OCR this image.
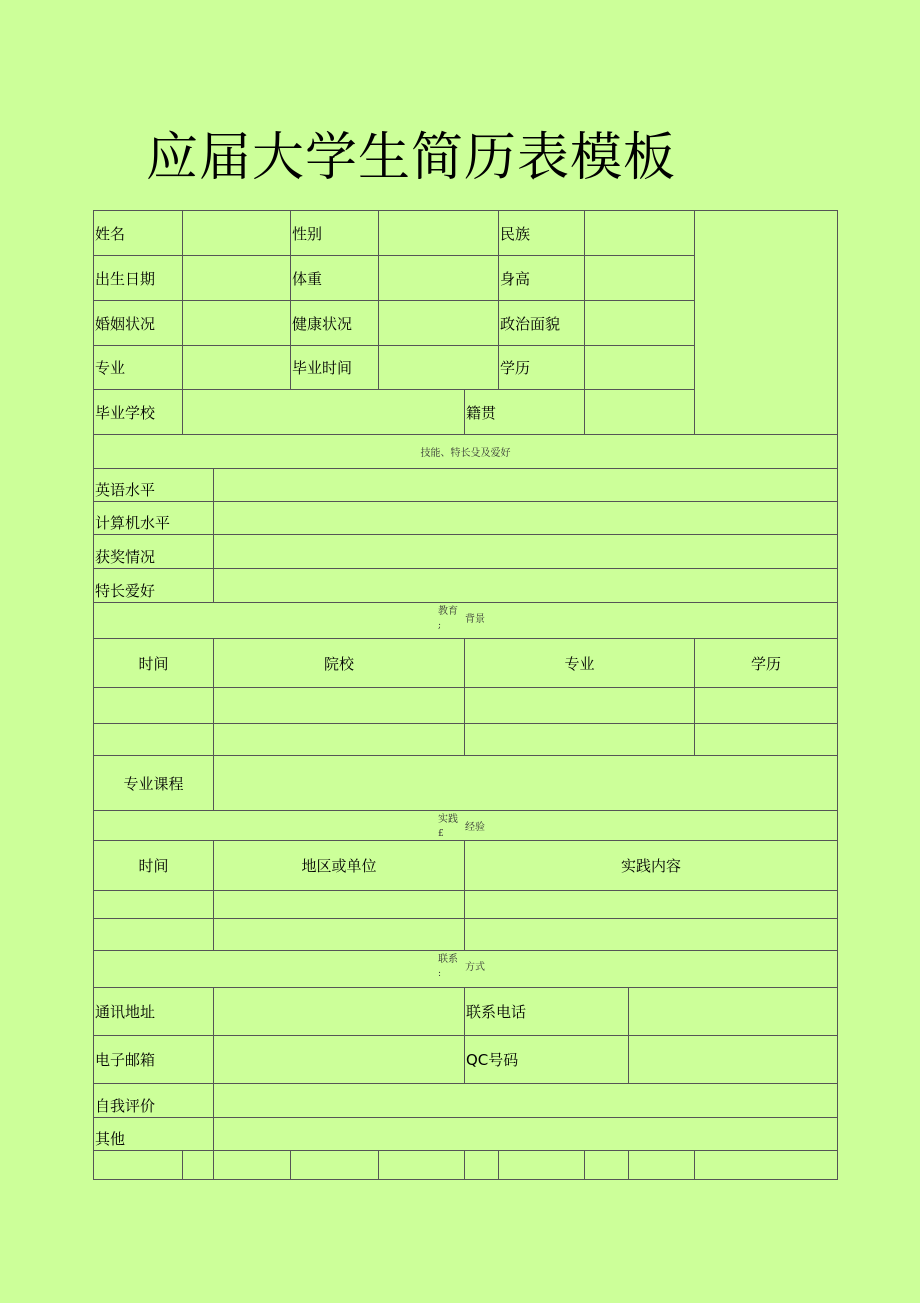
应届大学生简历表模板
姓名			性别			民族			
出生日期			体重			身高			
婚姻状况			健康状况			政治面貌			
专业			毕业时间			学历			
毕业学校					籍贯				
技能、特长殳及爱好									
英语水平									
计算机水平									
获奖情况									
特长爱好									

教育
;
背景									

时间		院校			专业				学历

专业课程									

实践
£
经验									

时间		地区或单位			实践内容				

联系
:
方式									

通讯地址					联系电话				
电子邮箱					QC号码				
自我评价									
其他									
